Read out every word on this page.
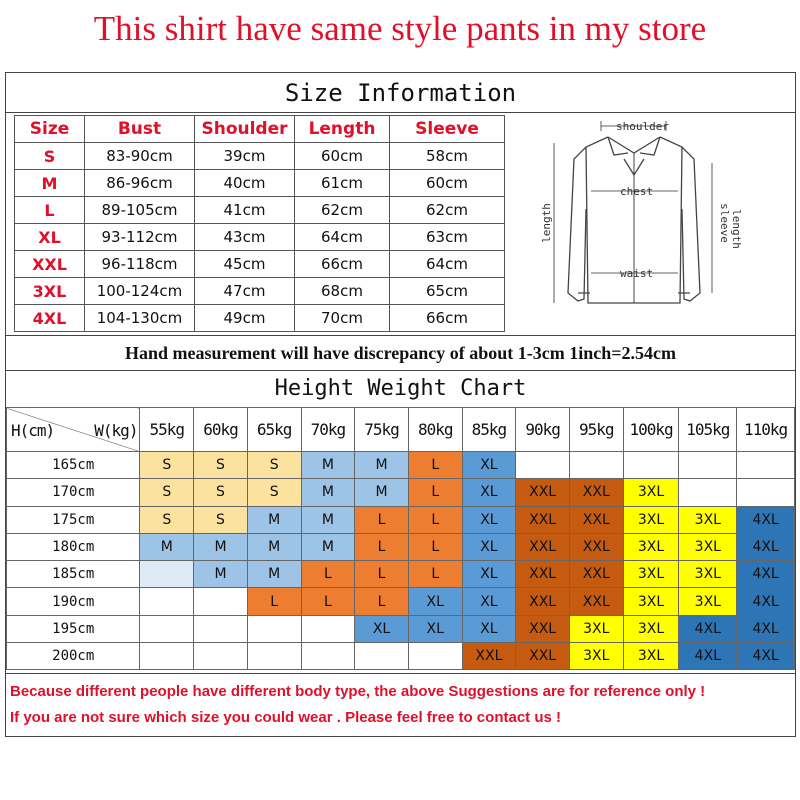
This shirt have same style pants in my store
Size Information
Size	Bust	Shoulder	Length	Sleeve
S	83-90cm	39cm	60cm	58cm
M	86-96cm	40cm	61cm	60cm
L	89-105cm	41cm	62cm	62cm
XL	93-112cm	43cm	64cm	63cm
XXL	96-118cm	45cm	66cm	64cm
3XL	100-124cm	47cm	68cm	65cm
4XL	104-130cm	49cm	70cm	66cm
shoulder
chest
waist
length	sleeve length
Hand measurement will have discrepancy of about 1-3cm 1inch=2.54cm
Height Weight Chart
H(cm) W(kg)	55kg	60kg	65kg	70kg	75kg	80kg	85kg	90kg	95kg	100kg	105kg	110kg
165cm	S	S	S	M	M	L	XL					
170cm	S	S	S	M	M	L	XL	XXL	XXL	3XL		
175cm	S	S	M	M	L	L	XL	XXL	XXL	3XL	3XL	4XL
180cm	M	M	M	M	L	L	XL	XXL	XXL	3XL	3XL	4XL
185cm		M	M	L	L	L	XL	XXL	XXL	3XL	3XL	4XL
190cm			L	L	L	XL	XL	XXL	XXL	3XL	3XL	4XL
195cm					XL	XL	XL	XXL	3XL	3XL	4XL	4XL
200cm							XXL	XXL	3XL	3XL	4XL	4XL
Because different people have different body type, the above Suggestions are for reference only !
If you are not sure which size you could wear . Please feel free to contact us !
